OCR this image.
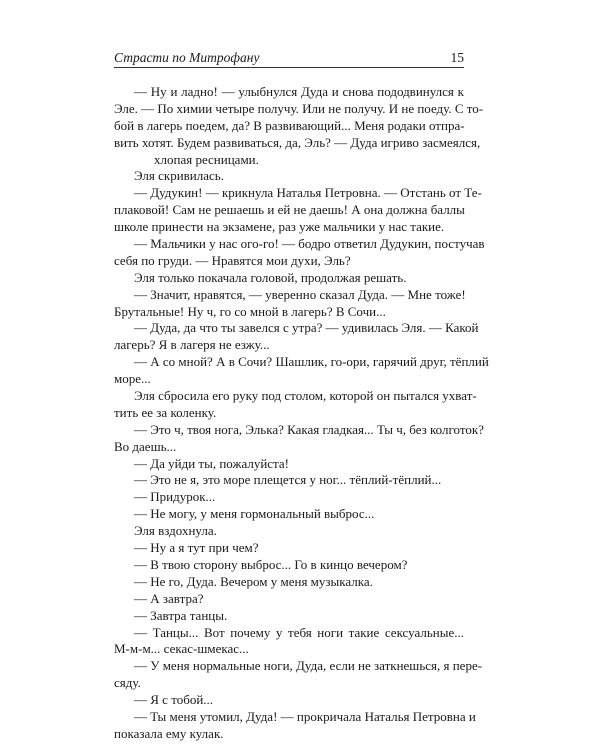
Страсти по Митрофану	15
— Ну и ладно! — улыбнулся Дуда и снова пододвинулся к
Эле. — По химии четыре получу. Или не получу. И не поеду. С то-
бой в лагерь поедем, да? В развивающий... Меня родаки отпра-
вить хотят. Будем развиваться, да, Эль? — Дуда игриво засмеялся,
хлопая ресницами.
Эля скривилась.
— Дудукин! — крикнула Наталья Петровна. — Отстань от Те-
плаковой! Сам не решаешь и ей не даешь! А она должна баллы
школе принести на экзамене, раз уже мальчики у нас такие.
— Мальчики у нас ого-го! — бодро ответил Дудукин, постучав
себя по груди. — Нравятся мои духи, Эль?
Эля только покачала головой, продолжая решать.
— Значит, нравятся, — уверенно сказал Дуда. — Мне тоже!
Брутальные! Ну ч, го со мной в лагерь? В Сочи...
— Дуда, да что ты завелся с утра? — удивилась Эля. — Какой
лагерь? Я в лагеря не езжу...
— А со мной? А в Сочи? Шашлик, го-ори, гарячий друг, тёплий
море...
Эля сбросила его руку под столом, которой он пытался ухват-
тить ее за коленку.
— Это ч, твоя нога, Элька? Какая гладкая... Ты ч, без колготок?
Во даешь...
— Да уйди ты, пожалуйста!
— Это не я, это море плещется у ног... тёплий-тёплий...
— Придурок...
— Не могу, у меня гормональный выброс...
Эля вздохнула.
— Ну а я тут при чем?
— В твою сторону выброс... Го в кинцо вечером?
— Не го, Дуда. Вечером у меня музыкалка.
— А завтра?
— Завтра танцы.
— Танцы... Вот почему у тебя ноги такие сексуальные...
М-м-м... секас-шмекас...
— У меня нормальные ноги, Дуда, если не заткнешься, я пере-
сяду.
— Я с тобой...
— Ты меня утомил, Дуда! — прокричала Наталья Петровна и
показала ему кулак.
